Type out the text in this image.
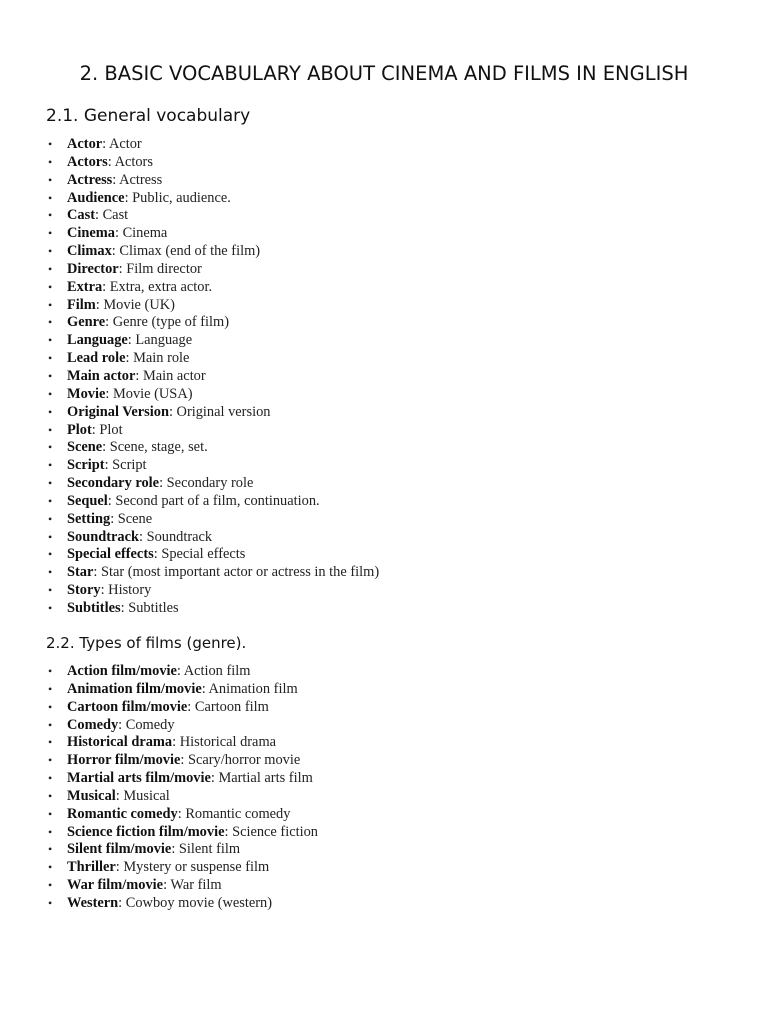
2. BASIC VOCABULARY ABOUT CINEMA AND FILMS IN ENGLISH
2.1. General vocabulary
• Actor: Actor
• Actors: Actors
• Actress: Actress
• Audience: Public, audience.
• Cast: Cast
• Cinema: Cinema
• Climax: Climax (end of the film)
• Director: Film director
• Extra: Extra, extra actor.
• Film: Movie (UK)
• Genre: Genre (type of film)
• Language: Language
• Lead role: Main role
• Main actor: Main actor
• Movie: Movie (USA)
• Original Version: Original version
• Plot: Plot
• Scene: Scene, stage, set.
• Script: Script
• Secondary role: Secondary role
• Sequel: Second part of a film, continuation.
• Setting: Scene
• Soundtrack: Soundtrack
• Special effects: Special effects
• Star: Star (most important actor or actress in the film)
• Story: History
• Subtitles: Subtitles
2.2. Types of films (genre).
• Action film/movie: Action film
• Animation film/movie: Animation film
• Cartoon film/movie: Cartoon film
• Comedy: Comedy
• Historical drama: Historical drama
• Horror film/movie: Scary/horror movie
• Martial arts film/movie: Martial arts film
• Musical: Musical
• Romantic comedy: Romantic comedy
• Science fiction film/movie: Science fiction
• Silent film/movie: Silent film
• Thriller: Mystery or suspense film
• War film/movie: War film
• Western: Cowboy movie (western)
